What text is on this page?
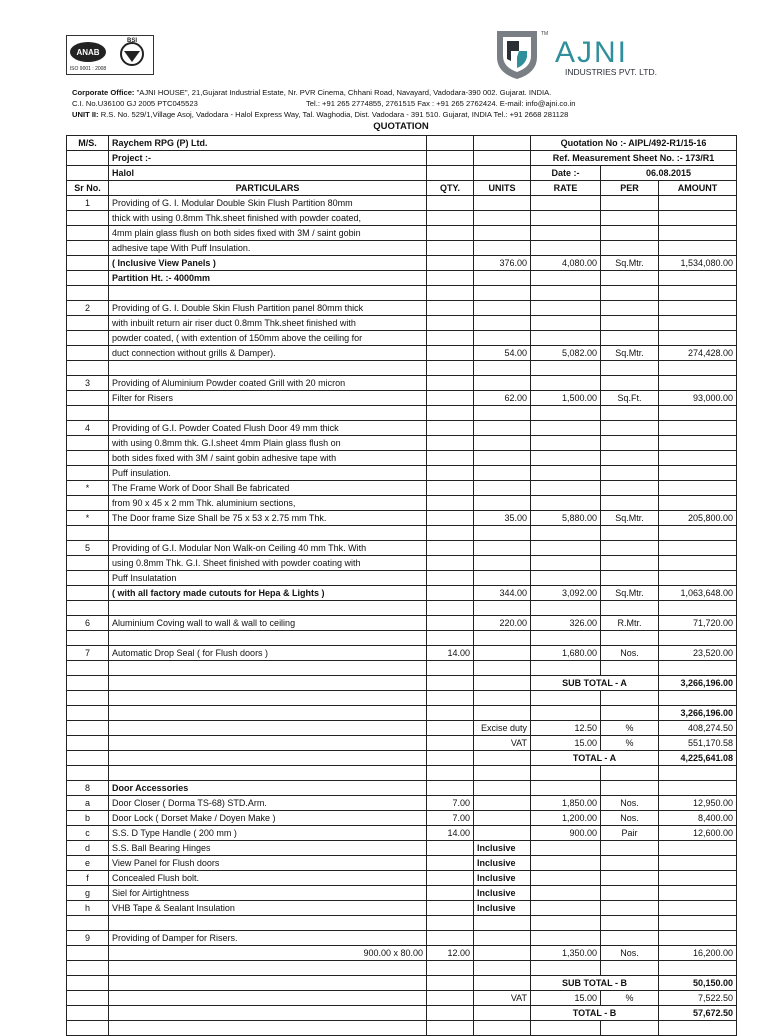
ANAB
BSI
ISO 9001 : 2008
TM
AJNI
INDUSTRIES PVT. LTD.
Corporate Office: "AJNI HOUSE", 21,Gujarat Industrial Estate, Nr. PVR Cinema, Chhani Road, Navayard, Vadodara-390 002. Gujarat. INDIA.
C.I. No.U36100 GJ 2005 PTC045523	Tel.: +91 265 2774855, 2761515 Fax : +91 265 2762424. E-mail: info@ajni.co.in
UNIT II: R.S. No. 529/1,Village Asoj, Vadodara - Halol Express Way, Tal. Waghodia, Dist. Vadodara - 391 510. Gujarat, INDIA Tel.: +91 2668 281128
QUOTATION
M/S.	Raychem RPG (P) Ltd.			Quotation No :- AIPL/492-R1/15-16		
	Project :-			Ref. Measurement Sheet No. :- 173/R1		
	Halol			Date :-	06.08.2015	
Sr No.	PARTICULARS	QTY.	UNITS	RATE	PER	AMOUNT
1	Providing of G. I. Modular Double Skin Flush Partition 80mm					
	thick with using 0.8mm Thk.sheet finished with powder coated,					
	4mm plain glass flush on both sides fixed with 3M / saint gobin					
	adhesive tape With Puff Insulation.					
	( Inclusive View Panels )		376.00	4,080.00	Sq.Mtr.	1,534,080.00
	Partition Ht. :- 4000mm					

2	Providing of G. I. Double Skin Flush Partition panel 80mm thick					
	with inbuilt return air riser duct 0.8mm Thk.sheet finished with					
	powder coated, ( with extention of 150mm above the ceiling for					
	duct connection without grills & Damper).		54.00	5,082.00	Sq.Mtr.	274,428.00

3	Providing of Aluminium Powder coated Grill with 20 micron					
	Filter for Risers		62.00	1,500.00	Sq.Ft.	93,000.00

4	Providing of G.I. Powder Coated Flush Door 49 mm thick					
	with using 0.8mm thk. G.I.sheet 4mm Plain glass flush on					
	both sides fixed with 3M / saint gobin adhesive tape with					
	Puff insulation.					
*	The Frame Work of Door Shall Be fabricated					
	from 90 x 45 x 2 mm Thk. aluminium sections,					
*	The Door frame Size Shall be 75 x 53 x 2.75 mm Thk.		35.00	5,880.00	Sq.Mtr.	205,800.00

5	Providing of G.I. Modular Non Walk-on Ceiling 40 mm Thk. With					
	using 0.8mm Thk. G.I. Sheet finished with powder coating with					
	Puff Insulatation					
	( with all factory made cutouts for Hepa & Lights )		344.00	3,092.00	Sq.Mtr.	1,063,648.00

6	Aluminium Coving wall to wall & wall to ceiling		220.00	326.00	R.Mtr.	71,720.00

7	Automatic Drop Seal ( for Flush doors )	14.00		1,680.00	Nos.	23,520.00

				SUB TOTAL - A		3,266,196.00

						3,266,196.00
			Excise duty	12.50	%	408,274.50
			VAT	15.00	%	551,170.58
				TOTAL - A		4,225,641.08

8	Door Accessories					
a	Door Closer ( Dorma TS-68) STD.Arm.	7.00		1,850.00	Nos.	12,950.00
b	Door Lock ( Dorset Make / Doyen Make )	7.00		1,200.00	Nos.	8,400.00
c	S.S. D Type Handle ( 200 mm )	14.00		900.00	Pair	12,600.00
d	S.S. Ball Bearing Hinges		Inclusive			
e	View Panel for Flush doors		Inclusive			
f	Concealed Flush bolt.		Inclusive			
g	Siel for Airtightness		Inclusive			
h	VHB Tape & Sealant Insulation		Inclusive			

9	Providing of Damper for Risers.					
	900.00 x 80.00	12.00		1,350.00	Nos.	16,200.00

				SUB TOTAL - B		50,150.00
			VAT	15.00	%	7,522.50
				TOTAL - B		57,672.50
